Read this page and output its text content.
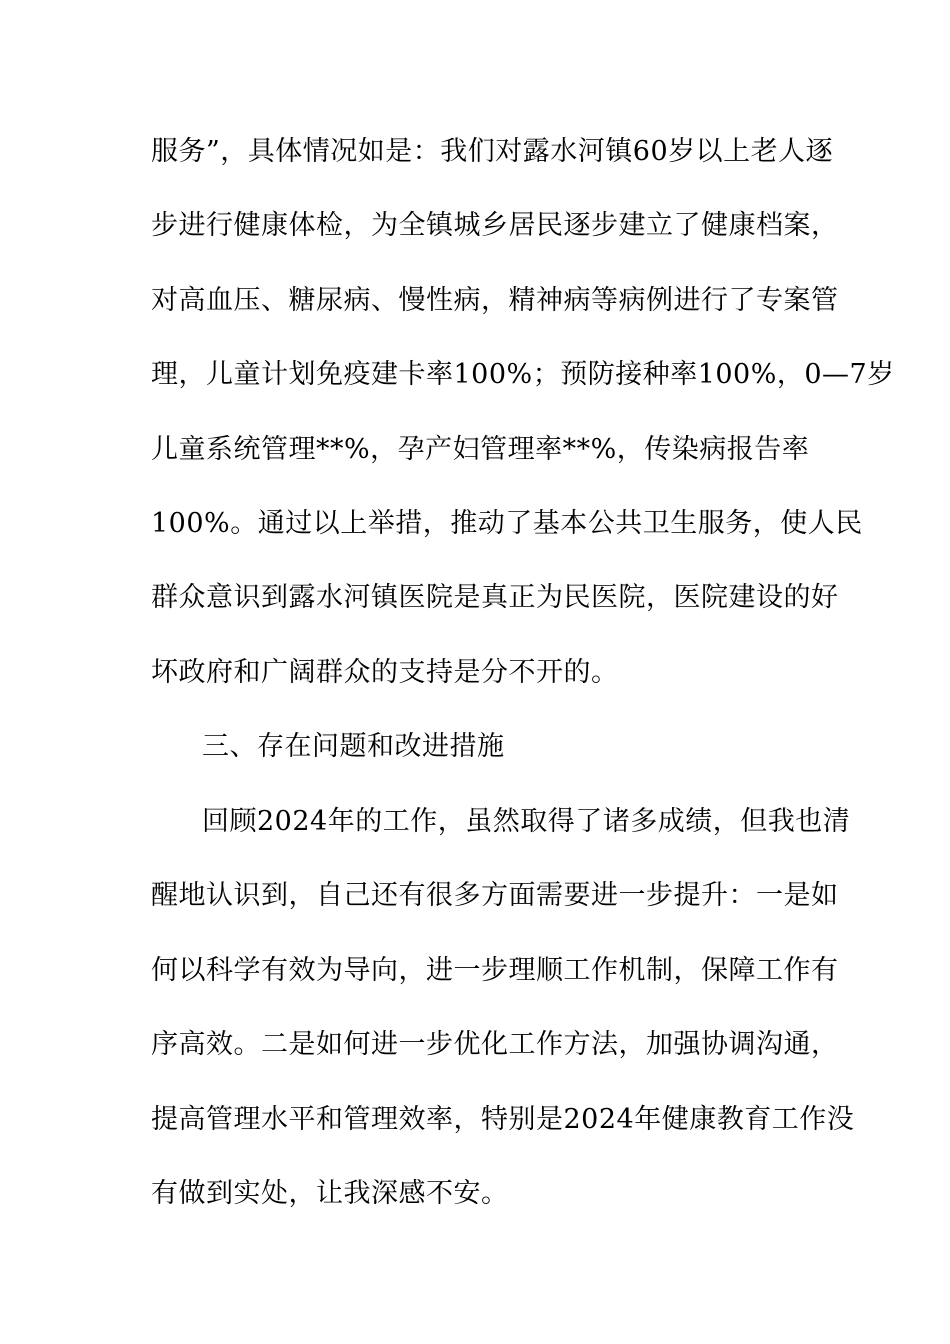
服务”，具体情况如是：我们对露水河镇60岁以上老人逐
步进行健康体检，为全镇城乡居民逐步建立了健康档案，
对高血压、糖尿病、慢性病，精神病等病例进行了专案管
理，儿童计划免疫建卡率100%；预防接种率100%，0—7岁
儿童系统管理**%，孕产妇管理率**%，传染病报告率
100%。通过以上举措，推动了基本公共卫生服务，使人民
群众意识到露水河镇医院是真正为民医院，医院建设的好
坏政府和广阔群众的支持是分不开的。
三、存在问题和改进措施
回顾2024年的工作，虽然取得了诸多成绩，但我也清
醒地认识到，自己还有很多方面需要进一步提升：一是如
何以科学有效为导向，进一步理顺工作机制，保障工作有
序高效。二是如何进一步优化工作方法，加强协调沟通，
提高管理水平和管理效率，特别是2024年健康教育工作没
有做到实处，让我深感不安。
